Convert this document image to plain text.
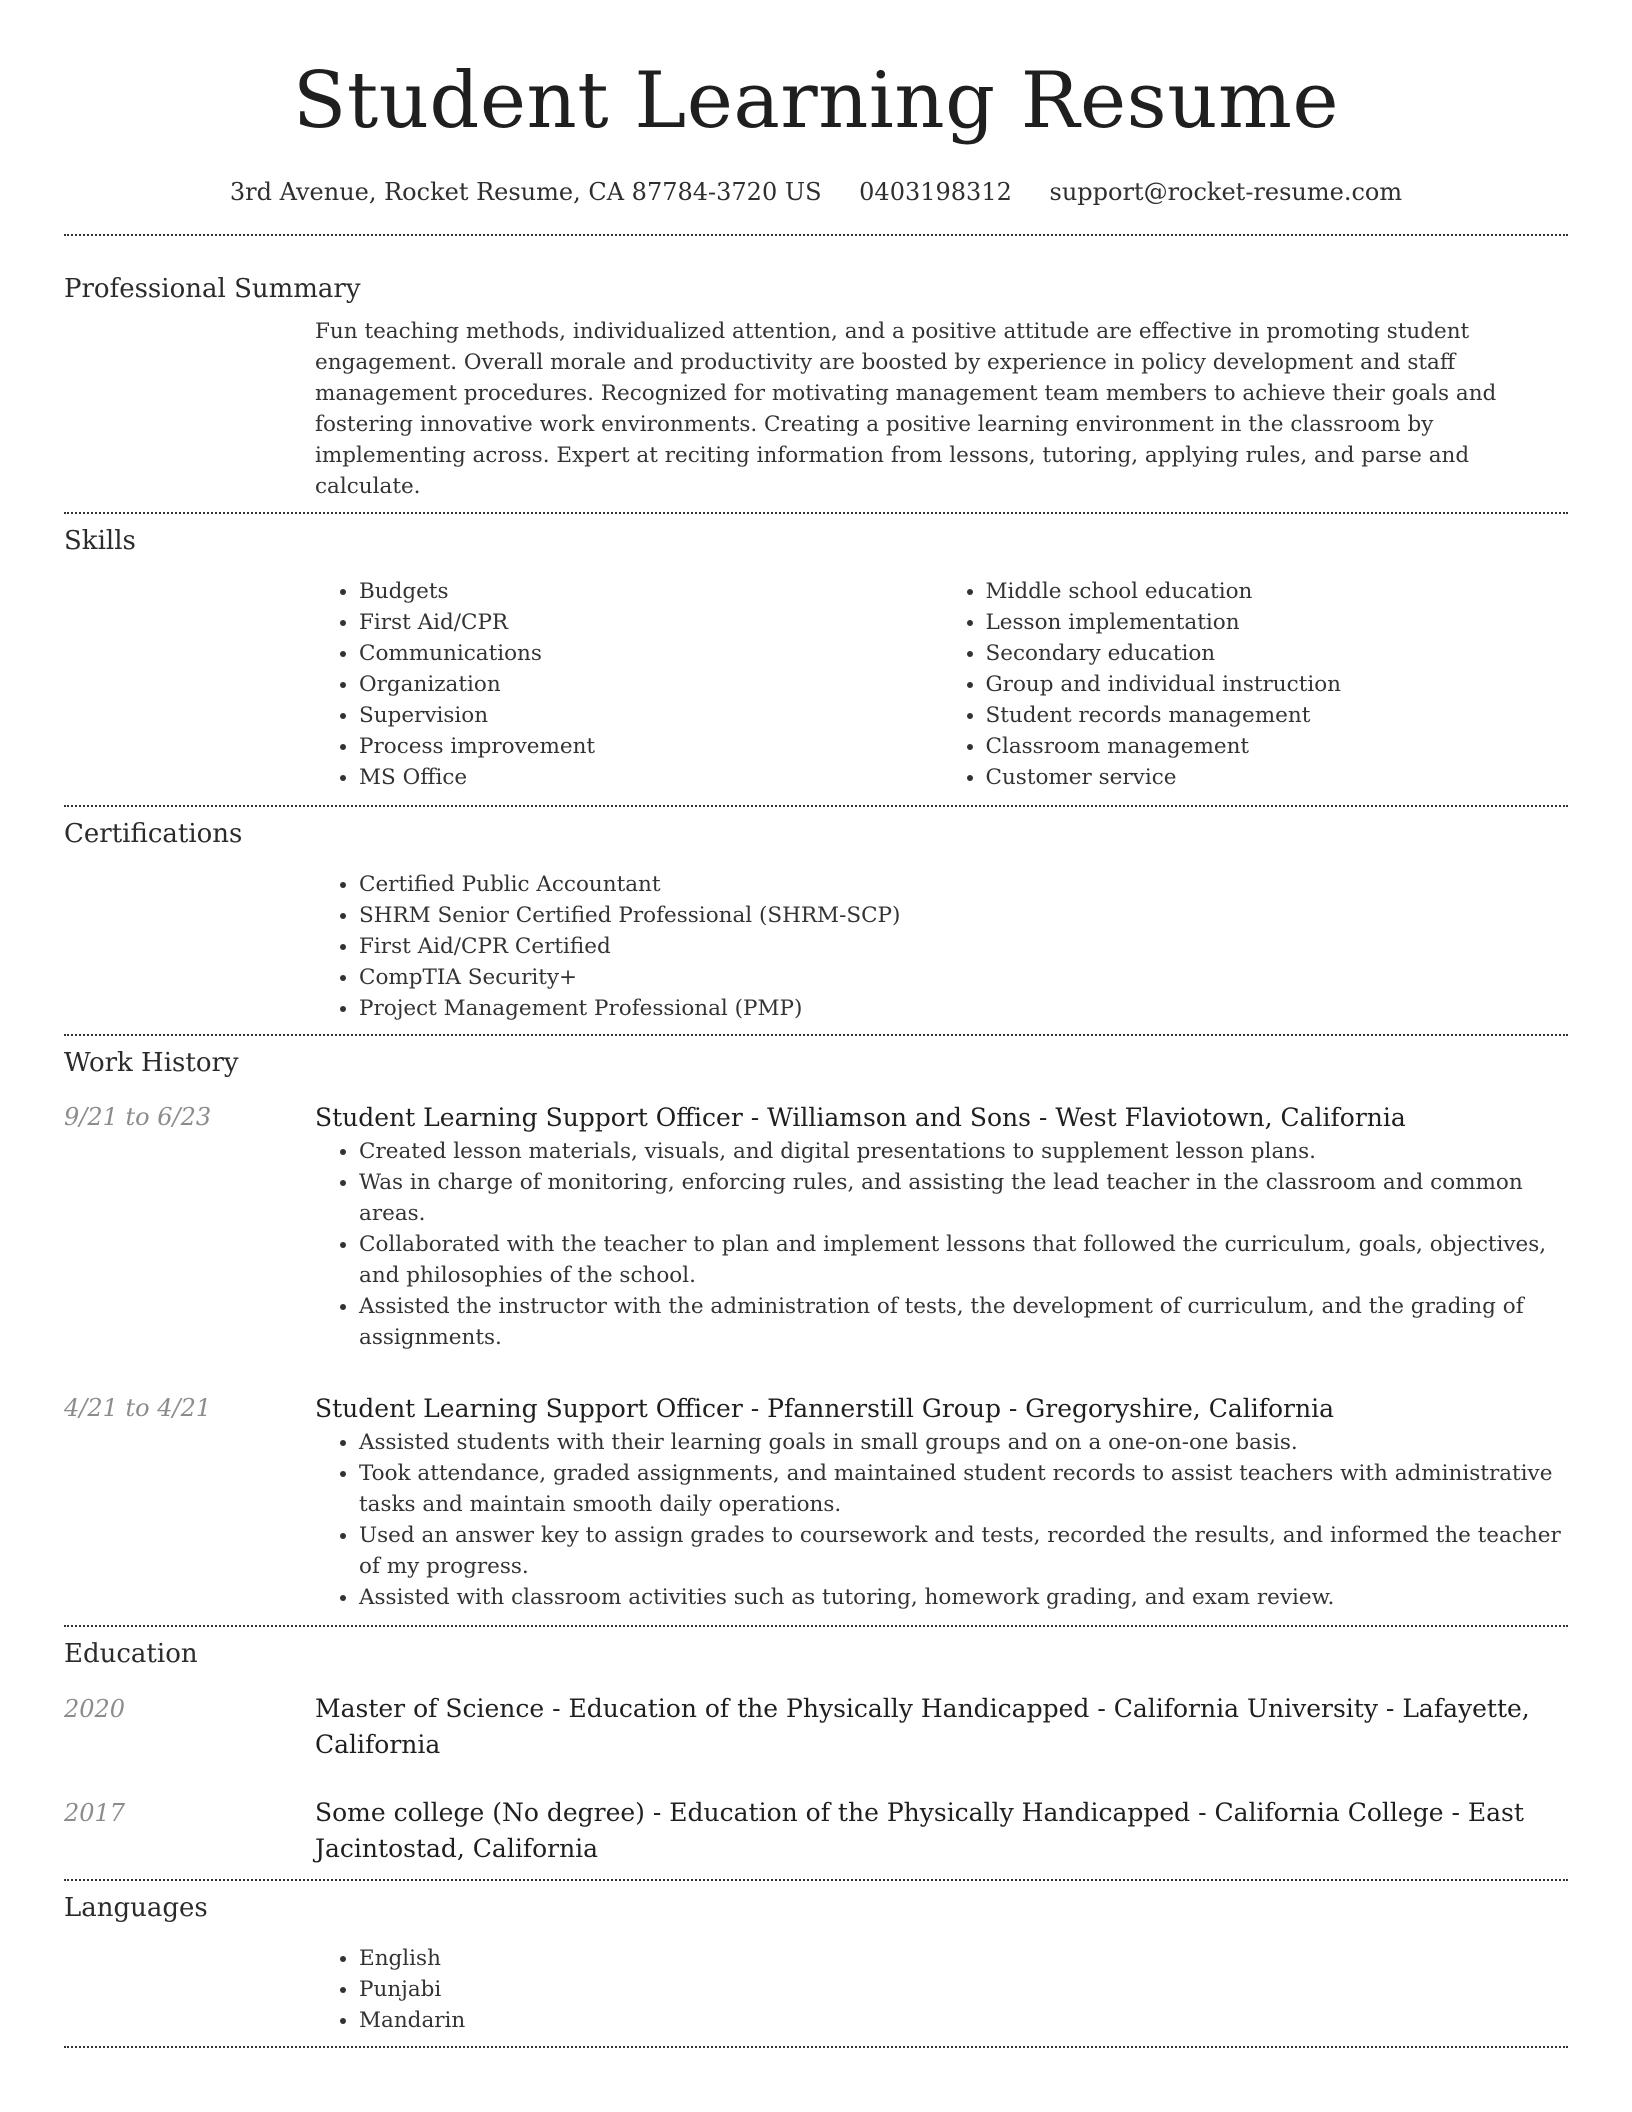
Student Learning Resume
3rd Avenue, Rocket Resume, CA 87784-3720 US 0403198312 support@rocket-resume.com
Professional Summary

Fun teaching methods, individualized attention, and a positive attitude are effective in promoting student engagement. Overall morale and productivity are boosted by experience in policy development and staff management procedures. Recognized for motivating management team members to achieve their goals and fostering innovative work environments. Creating a positive learning environment in the classroom by implementing across. Expert at reciting information from lessons, tutoring, applying rules, and parse and calculate.

Skills
• Budgets
• First Aid/CPR
• Communications
• Organization
• Supervision
• Process improvement
• MS Office
• Middle school education
• Lesson implementation
• Secondary education
• Group and individual instruction
• Student records management
• Classroom management
• Customer service
Certifications
• Certified Public Accountant
• SHRM Senior Certified Professional (SHRM-SCP)
• First Aid/CPR Certified
• CompTIA Security+
• Project Management Professional (PMP)
Work History
9/21 to 6/23	Student Learning Support Officer - Williamson and Sons - West Flaviotown, California
• Created lesson materials, visuals, and digital presentations to supplement lesson plans.
• Was in charge of monitoring, enforcing rules, and assisting the lead teacher in the classroom and common areas.
• Collaborated with the teacher to plan and implement lessons that followed the curriculum, goals, objectives, and philosophies of the school.
• Assisted the instructor with the administration of tests, the development of curriculum, and the grading of assignments.
4/21 to 4/21	Student Learning Support Officer - Pfannerstill Group - Gregoryshire, California
• Assisted students with their learning goals in small groups and on a one-on-one basis.
• Took attendance, graded assignments, and maintained student records to assist teachers with administrative tasks and maintain smooth daily operations.
• Used an answer key to assign grades to coursework and tests, recorded the results, and informed the teacher of my progress.
• Assisted with classroom activities such as tutoring, homework grading, and exam review.
Education
2020	Master of Science - Education of the Physically Handicapped - California University - Lafayette, California
2017	Some college (No degree) - Education of the Physically Handicapped - California College - East Jacintostad, California
Languages
• English
• Punjabi
• Mandarin
